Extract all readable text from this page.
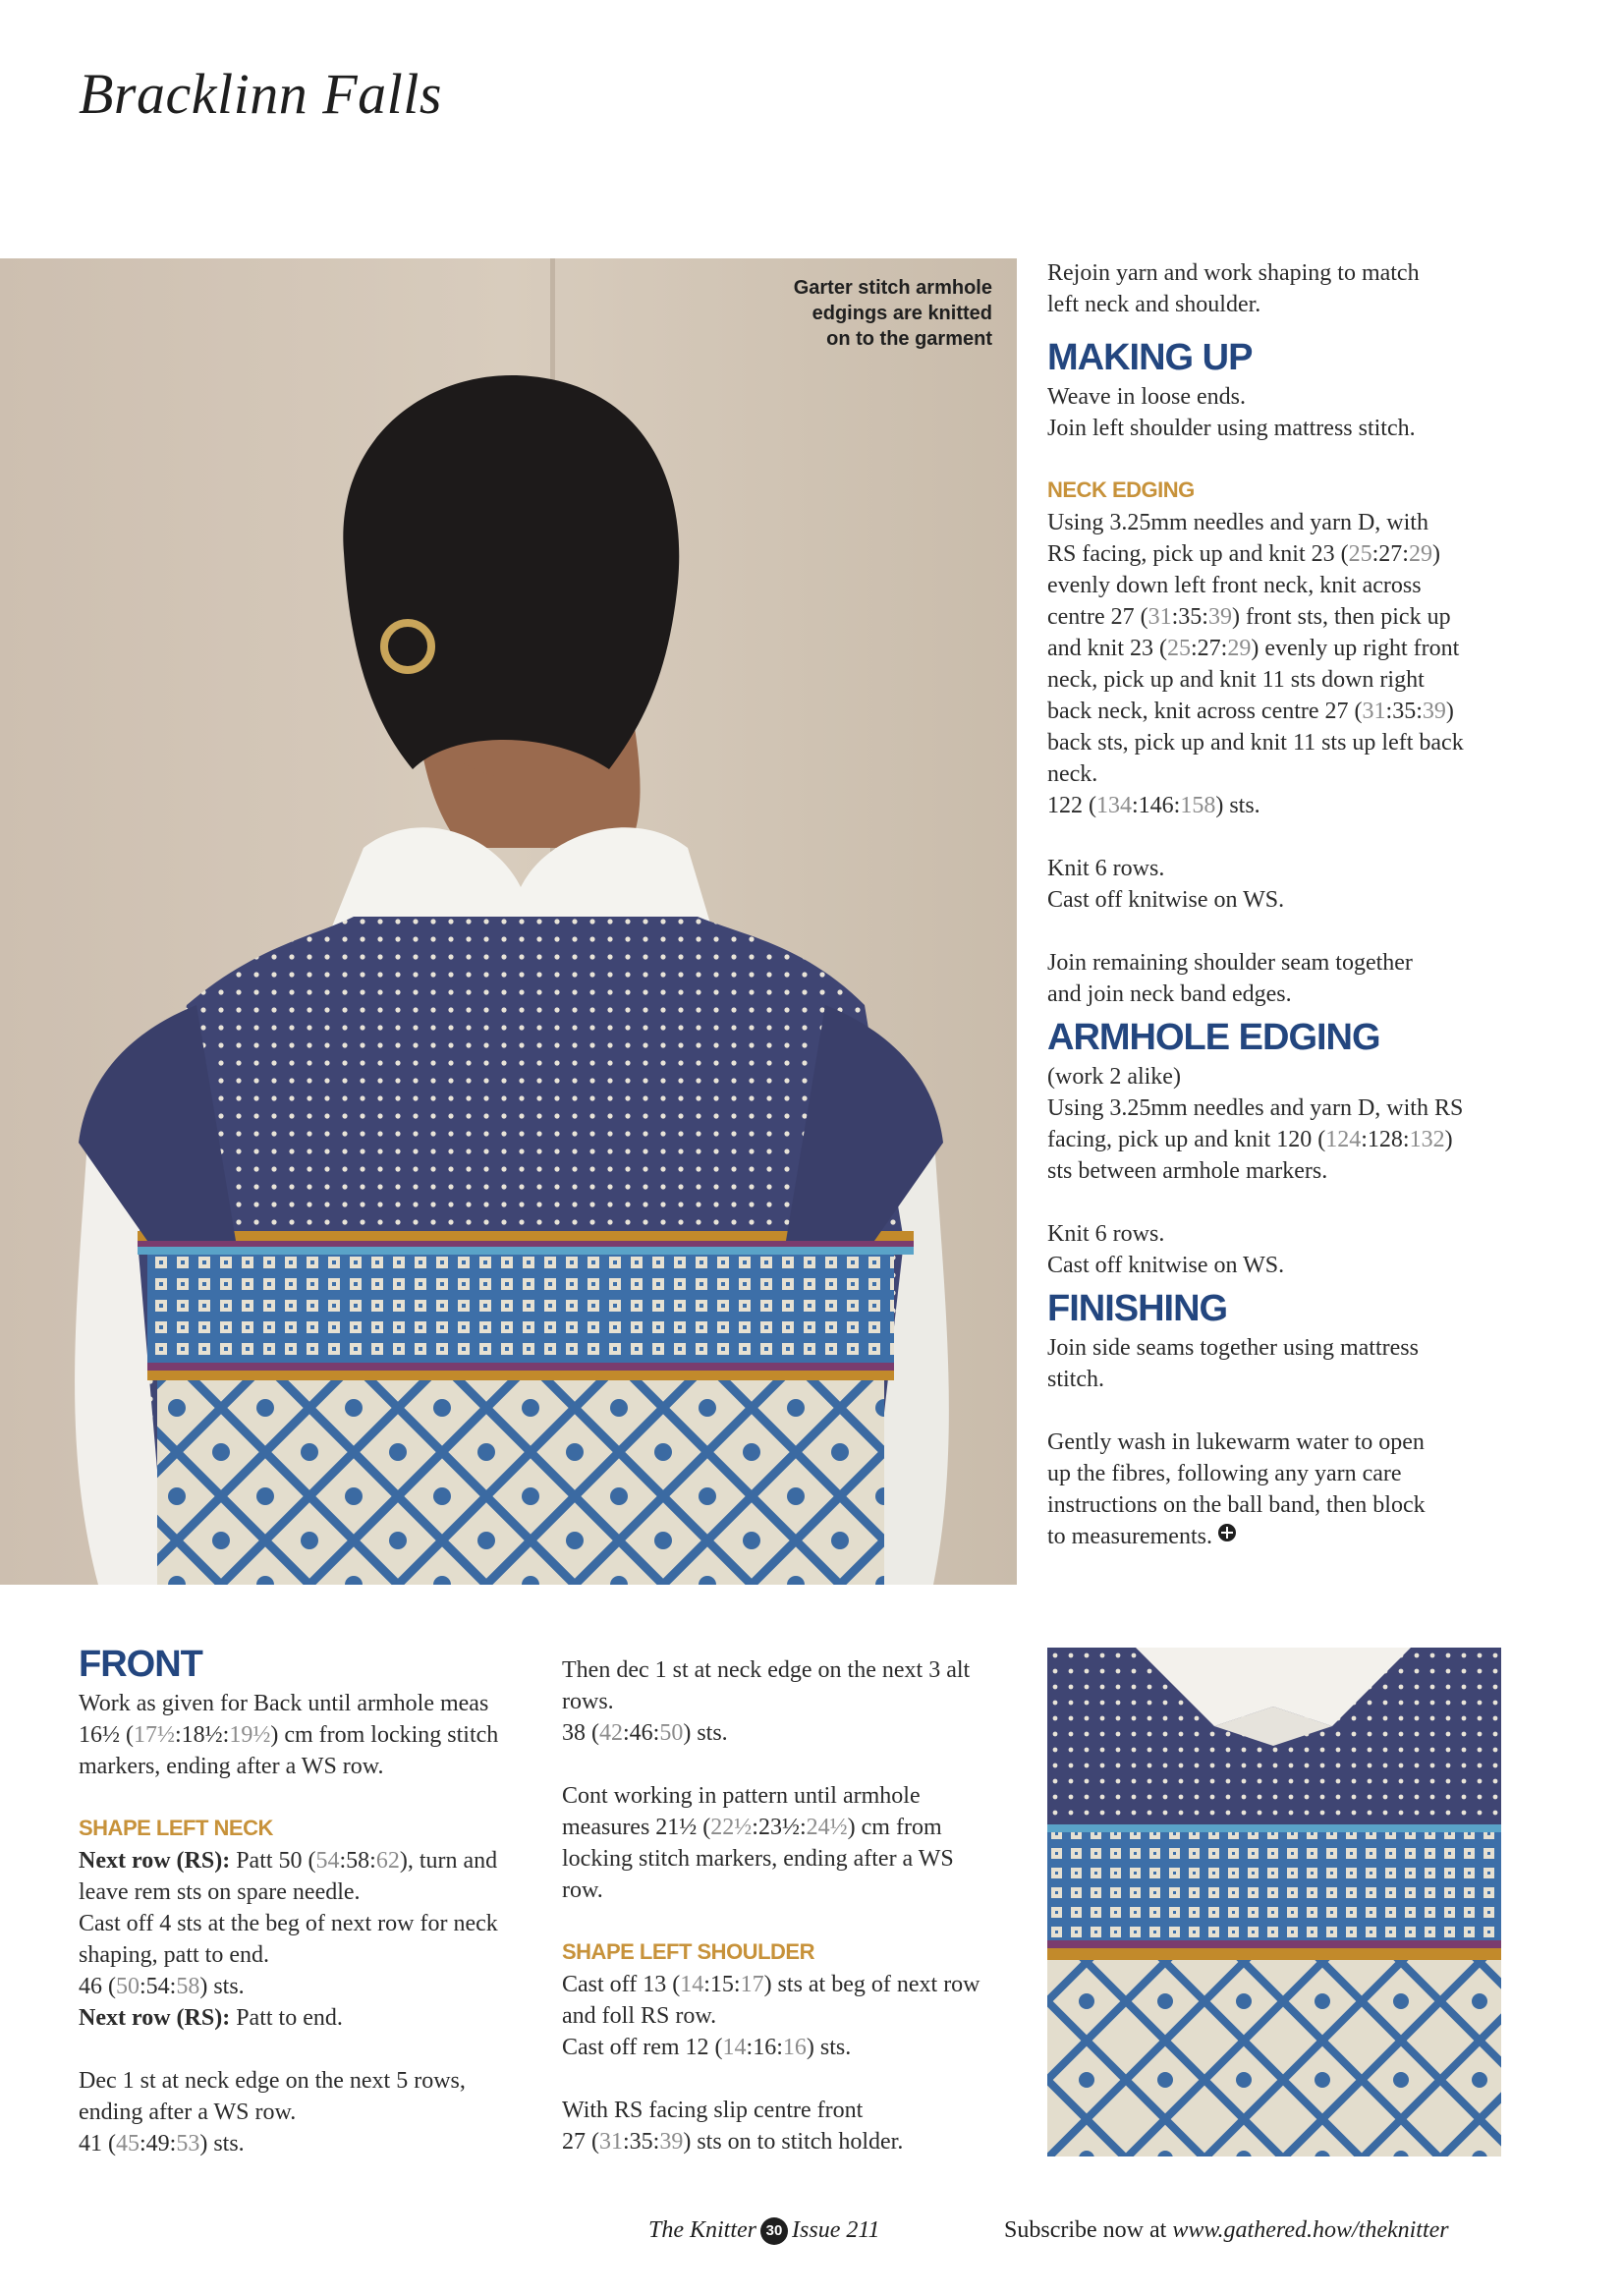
Bracklinn Falls
Garter stitch armhole
edgings are knitted
on to the garment

Rejoin yarn and work shaping to match
left neck and shoulder.

MAKING UP

Weave in loose ends.
Join left shoulder using mattress stitch.

NECK EDGING

Using 3.25mm needles and yarn D, with
RS facing, pick up and knit 23 (25:27:29)
evenly down left front neck, knit across
centre 27 (31:35:39) front sts, then pick up
and knit 23 (25:27:29) evenly up right front
neck, pick up and knit 11 sts down right
back neck, knit across centre 27 (31:35:39)
back sts, pick up and knit 11 sts up left back
neck.
122 (134:146:158) sts.

Knit 6 rows.
Cast off knitwise on WS.

Join remaining shoulder seam together
and join neck band edges.

ARMHOLE EDGING

(work 2 alike)
Using 3.25mm needles and yarn D, with RS
facing, pick up and knit 120 (124:128:132)
sts between armhole markers.

Knit 6 rows.
Cast off knitwise on WS.

FINISHING

Join side seams together using mattress
stitch.

Gently wash in lukewarm water to open
up the fibres, following any yarn care
instructions on the ball band, then block
to measurements.

FRONT

Work as given for Back until armhole meas
16½ (17½:18½:19½) cm from locking stitch
markers, ending after a WS row.

SHAPE LEFT NECK

Next row (RS): Patt 50 (54:58:62), turn and
leave rem sts on spare needle.
Cast off 4 sts at the beg of next row for neck
shaping, patt to end.
46 (50:54:58) sts.
Next row (RS): Patt to end.

Dec 1 st at neck edge on the next 5 rows,
ending after a WS row.
41 (45:49:53) sts.

Then dec 1 st at neck edge on the next 3 alt
rows.
38 (42:46:50) sts.

Cont working in pattern until armhole
measures 21½ (22½:23½:24½) cm from
locking stitch markers, ending after a WS
row.

SHAPE LEFT SHOULDER

Cast off 13 (14:15:17) sts at beg of next row
and foll RS row.
Cast off rem 12 (14:16:16) sts.

With RS facing slip centre front
27 (31:35:39) sts on to stitch holder.

The Knitter 30 Issue 211	Subscribe now at www.gathered.how/theknitter
